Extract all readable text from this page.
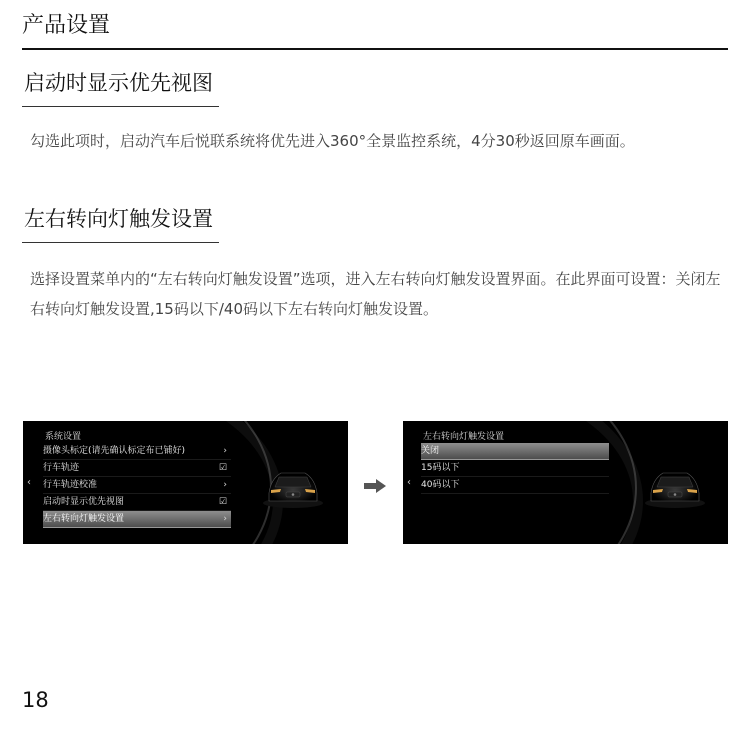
产品设置
启动时显示优先视图
勾选此项时，启动汽车后悦联系统将优先进入360°全景监控系统，4分30秒返回原车画面。
左右转向灯触发设置
选择设置菜单内的“左右转向灯触发设置”选项，进入左右转向灯触发设置界面。在此界面可设置：关闭左右转向灯触发设置,15码以下/40码以下左右转向灯触发设置。
‹
系统设置
摄像头标定(请先确认标定布已铺好)	›
行车轨迹	☑
行车轨迹校准	›
启动时显示优先视图	☑
左右转向灯触发设置	›
‹
左右转向灯触发设置
关闭
15码以下
40码以下
18
